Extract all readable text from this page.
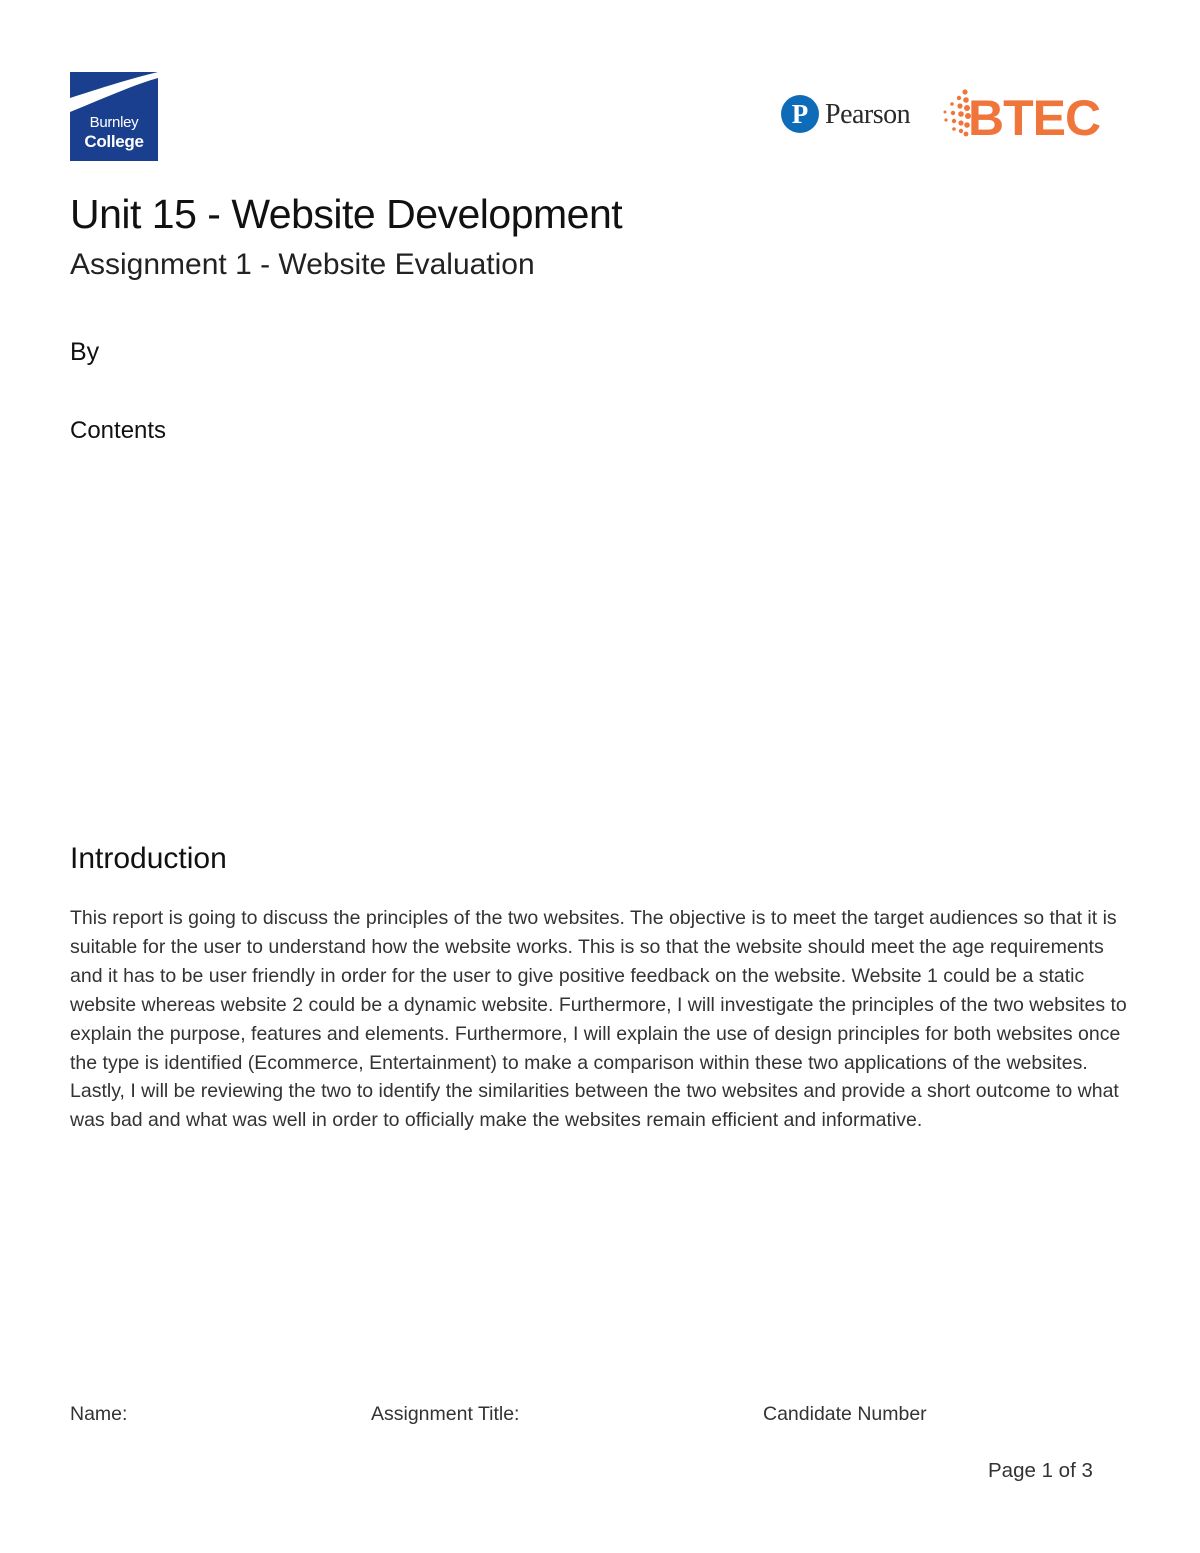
Burnley
College
P Pearson BTEC
Unit 15 - Website Development
Assignment 1 - Website Evaluation
By
Contents
Introduction

This report is going to discuss the principles of the two websites. The objective is to meet the target audiences so that it is suitable for the user to understand how the website works. This is so that the website should meet the age requirements and it has to be user friendly in order for the user to give positive feedback on the website. Website 1 could be a static website whereas website 2 could be a dynamic website. Furthermore, I will investigate the principles of the two websites to explain the purpose, features and elements. Furthermore, I will explain the use of design principles for both websites once the type is identified (Ecommerce, Entertainment) to make a comparison within these two applications of the websites. Lastly, I will be reviewing the two to identify the similarities between the two websites and provide a short outcome to what was bad and what was well in order to officially make the websites remain efficient and informative.

Name:	Assignment Title:	Candidate Number
Page 1 of 3
